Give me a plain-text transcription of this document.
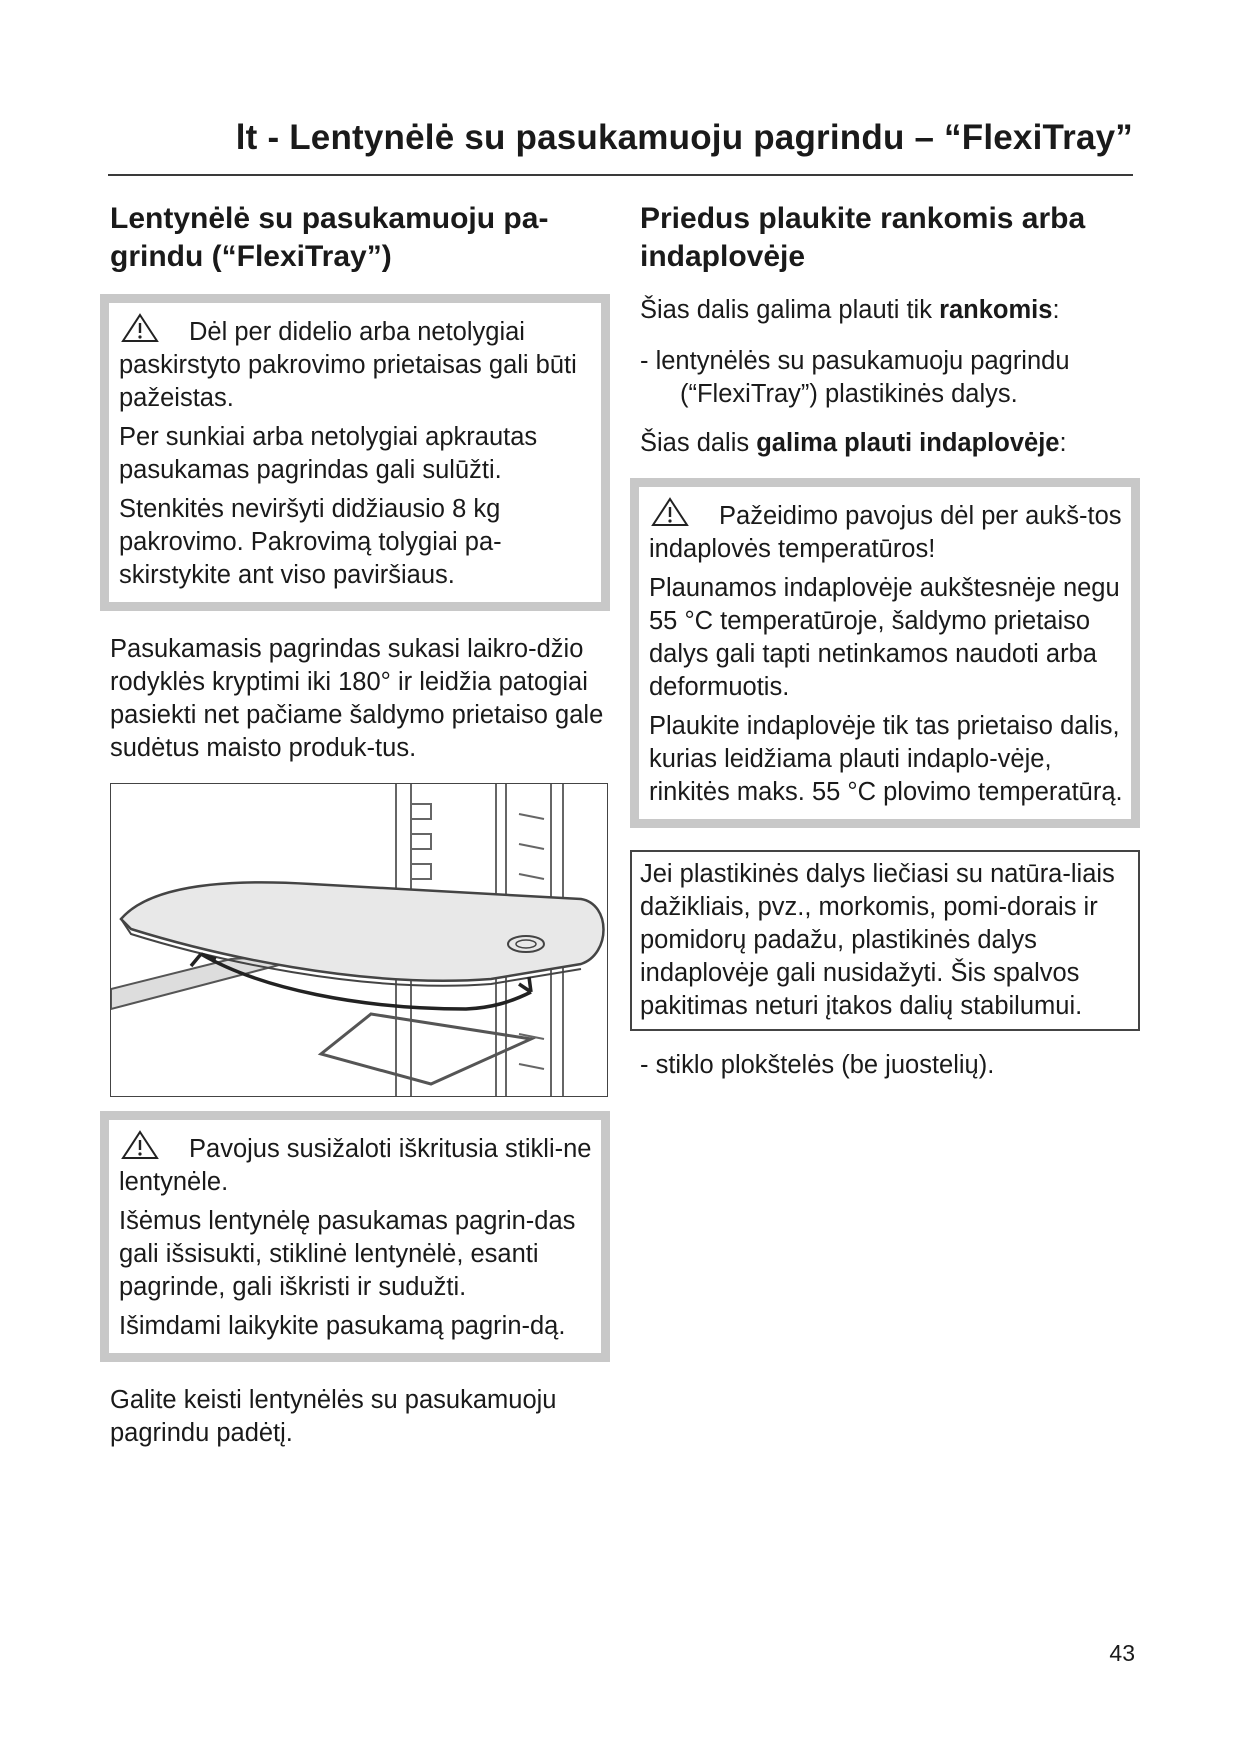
lt - Lentynėlė su pasukamuoju pagrindu – “FlexiTray”
Lentynėlė su pasukamuoju pa-grindu (“FlexiTray”)

Dėl per didelio arba netolygiai paskirstyto pakrovimo prietaisas gali būti pažeistas.

Per sunkiai arba netolygiai apkrautas pasukamas pagrindas gali sulūžti.

Stenkitės neviršyti didžiausio 8 kg pakrovimo. Pakrovimą tolygiai pa-skirstykite ant viso paviršiaus.

Pasukamasis pagrindas sukasi laikro-džio rodyklės kryptimi iki 180° ir leidžia patogiai pasiekti net pačiame šaldymo prietaiso gale sudėtus maisto produk-tus.

Pavojus susižaloti iškritusia stikli-ne lentynėle.

Išėmus lentynėlę pasukamas pagrin-das gali išsisukti, stiklinė lentynėlė, esanti pagrinde, gali iškristi ir sudužti.

Išimdami laikykite pasukamą pagrin-dą.

Galite keisti lentynėlės su pasukamuoju pagrindu padėtį.

Priedus plaukite rankomis arba indaplovėje

Šias dalis galima plauti tik rankomis:

- lentynėlės su pasukamuoju pagrindu (“FlexiTray”) plastikinės dalys.

Šias dalis galima plauti indaplovėje:

Pažeidimo pavojus dėl per aukš-tos indaplovės temperatūros!

Plaunamos indaplovėje aukštesnėje negu 55 °C temperatūroje, šaldymo prietaiso dalys gali tapti netinkamos naudoti arba deformuotis.

Plaukite indaplovėje tik tas prietaiso dalis, kurias leidžiama plauti indaplo-vėje, rinkitės maks. 55 °C plovimo temperatūrą.

Jei plastikinės dalys liečiasi su natūra-liais dažikliais, pvz., morkomis, pomi-dorais ir pomidorų padažu, plastikinės dalys indaplovėje gali nusidažyti. Šis spalvos pakitimas neturi įtakos dalių stabilumui.

- stiklo plokštelės (be juostelių).

43
